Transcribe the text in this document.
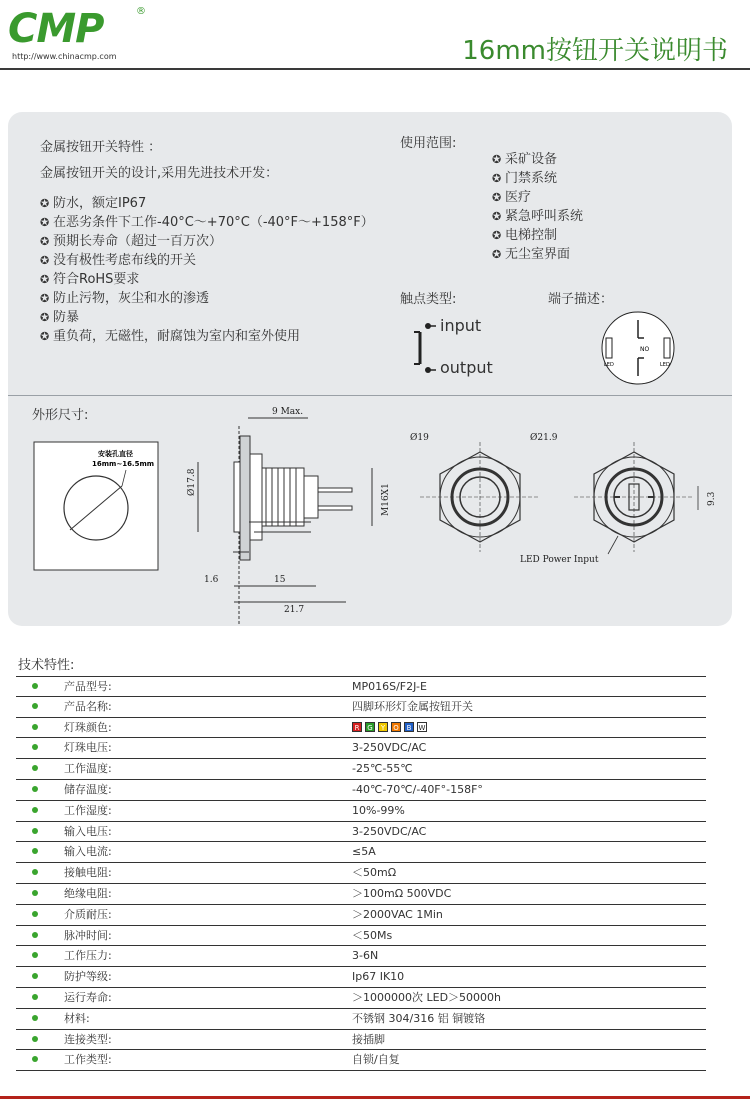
CMP	®
http://www.chinacmp.com	16mm按钮开关说明书
金属按钮开关特性 ：
金属按钮开关的设计,采用先进技术开发：
✪ 防水，额定IP67
✪ 在恶劣条件下工作-40°C～+70°C（-40°F～+158°F）
✪ 预期长寿命（超过一百万次）
✪ 没有极性考虑布线的开关
✪ 符合RoHS要求
✪ 防止污物，灰尘和水的渗透
✪ 防暴
✪ 重负荷，无磁性，耐腐蚀为室内和室外使用
使用范围:
✪ 采矿设备
✪ 门禁系统
✪ 医疗
✪ 紧急呼叫系统
✪ 电梯控制
✪ 无尘室界面
触点类型:	端子描述：
input
output
NO
LED	LED
外形尺寸:
安装孔直径
16mm~16.5mm
9 Max.
Ø17.8
M16X1
1.6	15
21.7
Ø19	Ø21.9
9.3
LED Power Input
技术特性:
产品型号:	MP016S/F2J-E
产品名称:	四脚环形灯金属按钮开关
灯珠颜色:	R	G	Y	O	B	W
灯珠电压:	3-250VDC/AC
工作温度:	-25℃-55℃
储存温度:	-40℃-70℃/-40F°-158F°
工作湿度:	10%-99%
输入电压:	3-250VDC/AC
输入电流:	≤5A
接触电阻:	＜50mΩ
绝缘电阻:	＞100mΩ 500VDC
介质耐压:	＞2000VAC 1Min
脉冲时间:	＜50Ms
工作压力:	3-6N
防护等级:	Ip67 IK10
运行寿命:	＞1000000次 LED＞50000h
材料:	不锈钢 304/316 铝 铜镀铬
连接类型:	接插脚
工作类型:	自锁/自复
